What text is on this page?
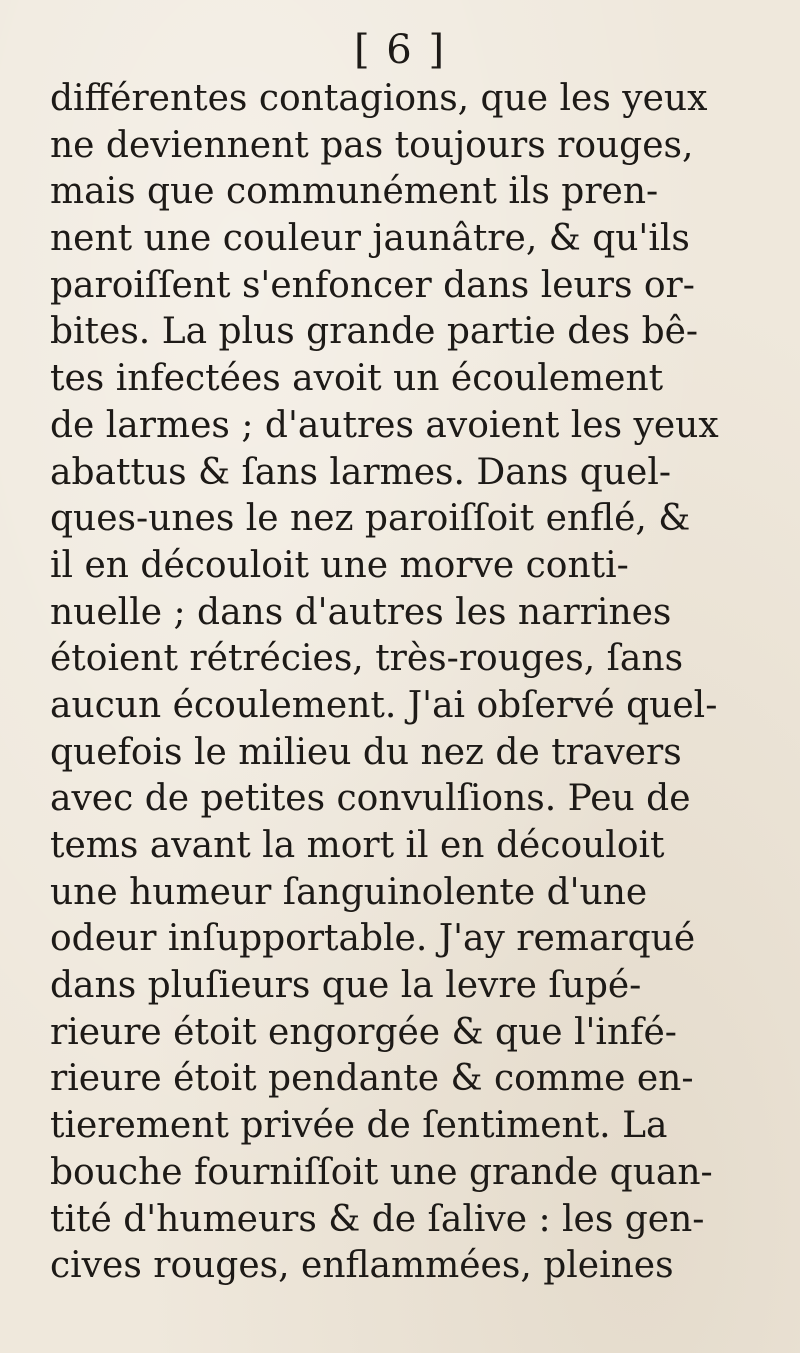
[ 6 ]
différentes contagions, que les yeux
ne deviennent pas toujours rouges,
mais que communément ils pren-
nent une couleur jaunâtre, & qu'ils
paroiſſent s'enfoncer dans leurs or-
bites. La plus grande partie des bê-
tes infectées avoit un écoulement
de larmes ; d'autres avoient les yeux
abattus & ſans larmes. Dans quel-
ques-unes le nez paroiſſoit enflé, &
il en découloit une morve conti-
nuelle ; dans d'autres les narrines
étoient rétrécies, très-rouges, ſans
aucun écoulement. J'ai obſervé quel-
quefois le milieu du nez de travers
avec de petites convulſions. Peu de
tems avant la mort il en découloit
une humeur ſanguinolente d'une
odeur inſupportable. J'ay remarqué
dans pluſieurs que la levre ſupé-
rieure étoit engorgée & que l'infé-
rieure étoit pendante & comme en-
tierement privée de ſentiment. La
bouche fourniſſoit une grande quan-
tité d'humeurs & de ſalive : les gen-
cives rouges, enflammées, pleines
